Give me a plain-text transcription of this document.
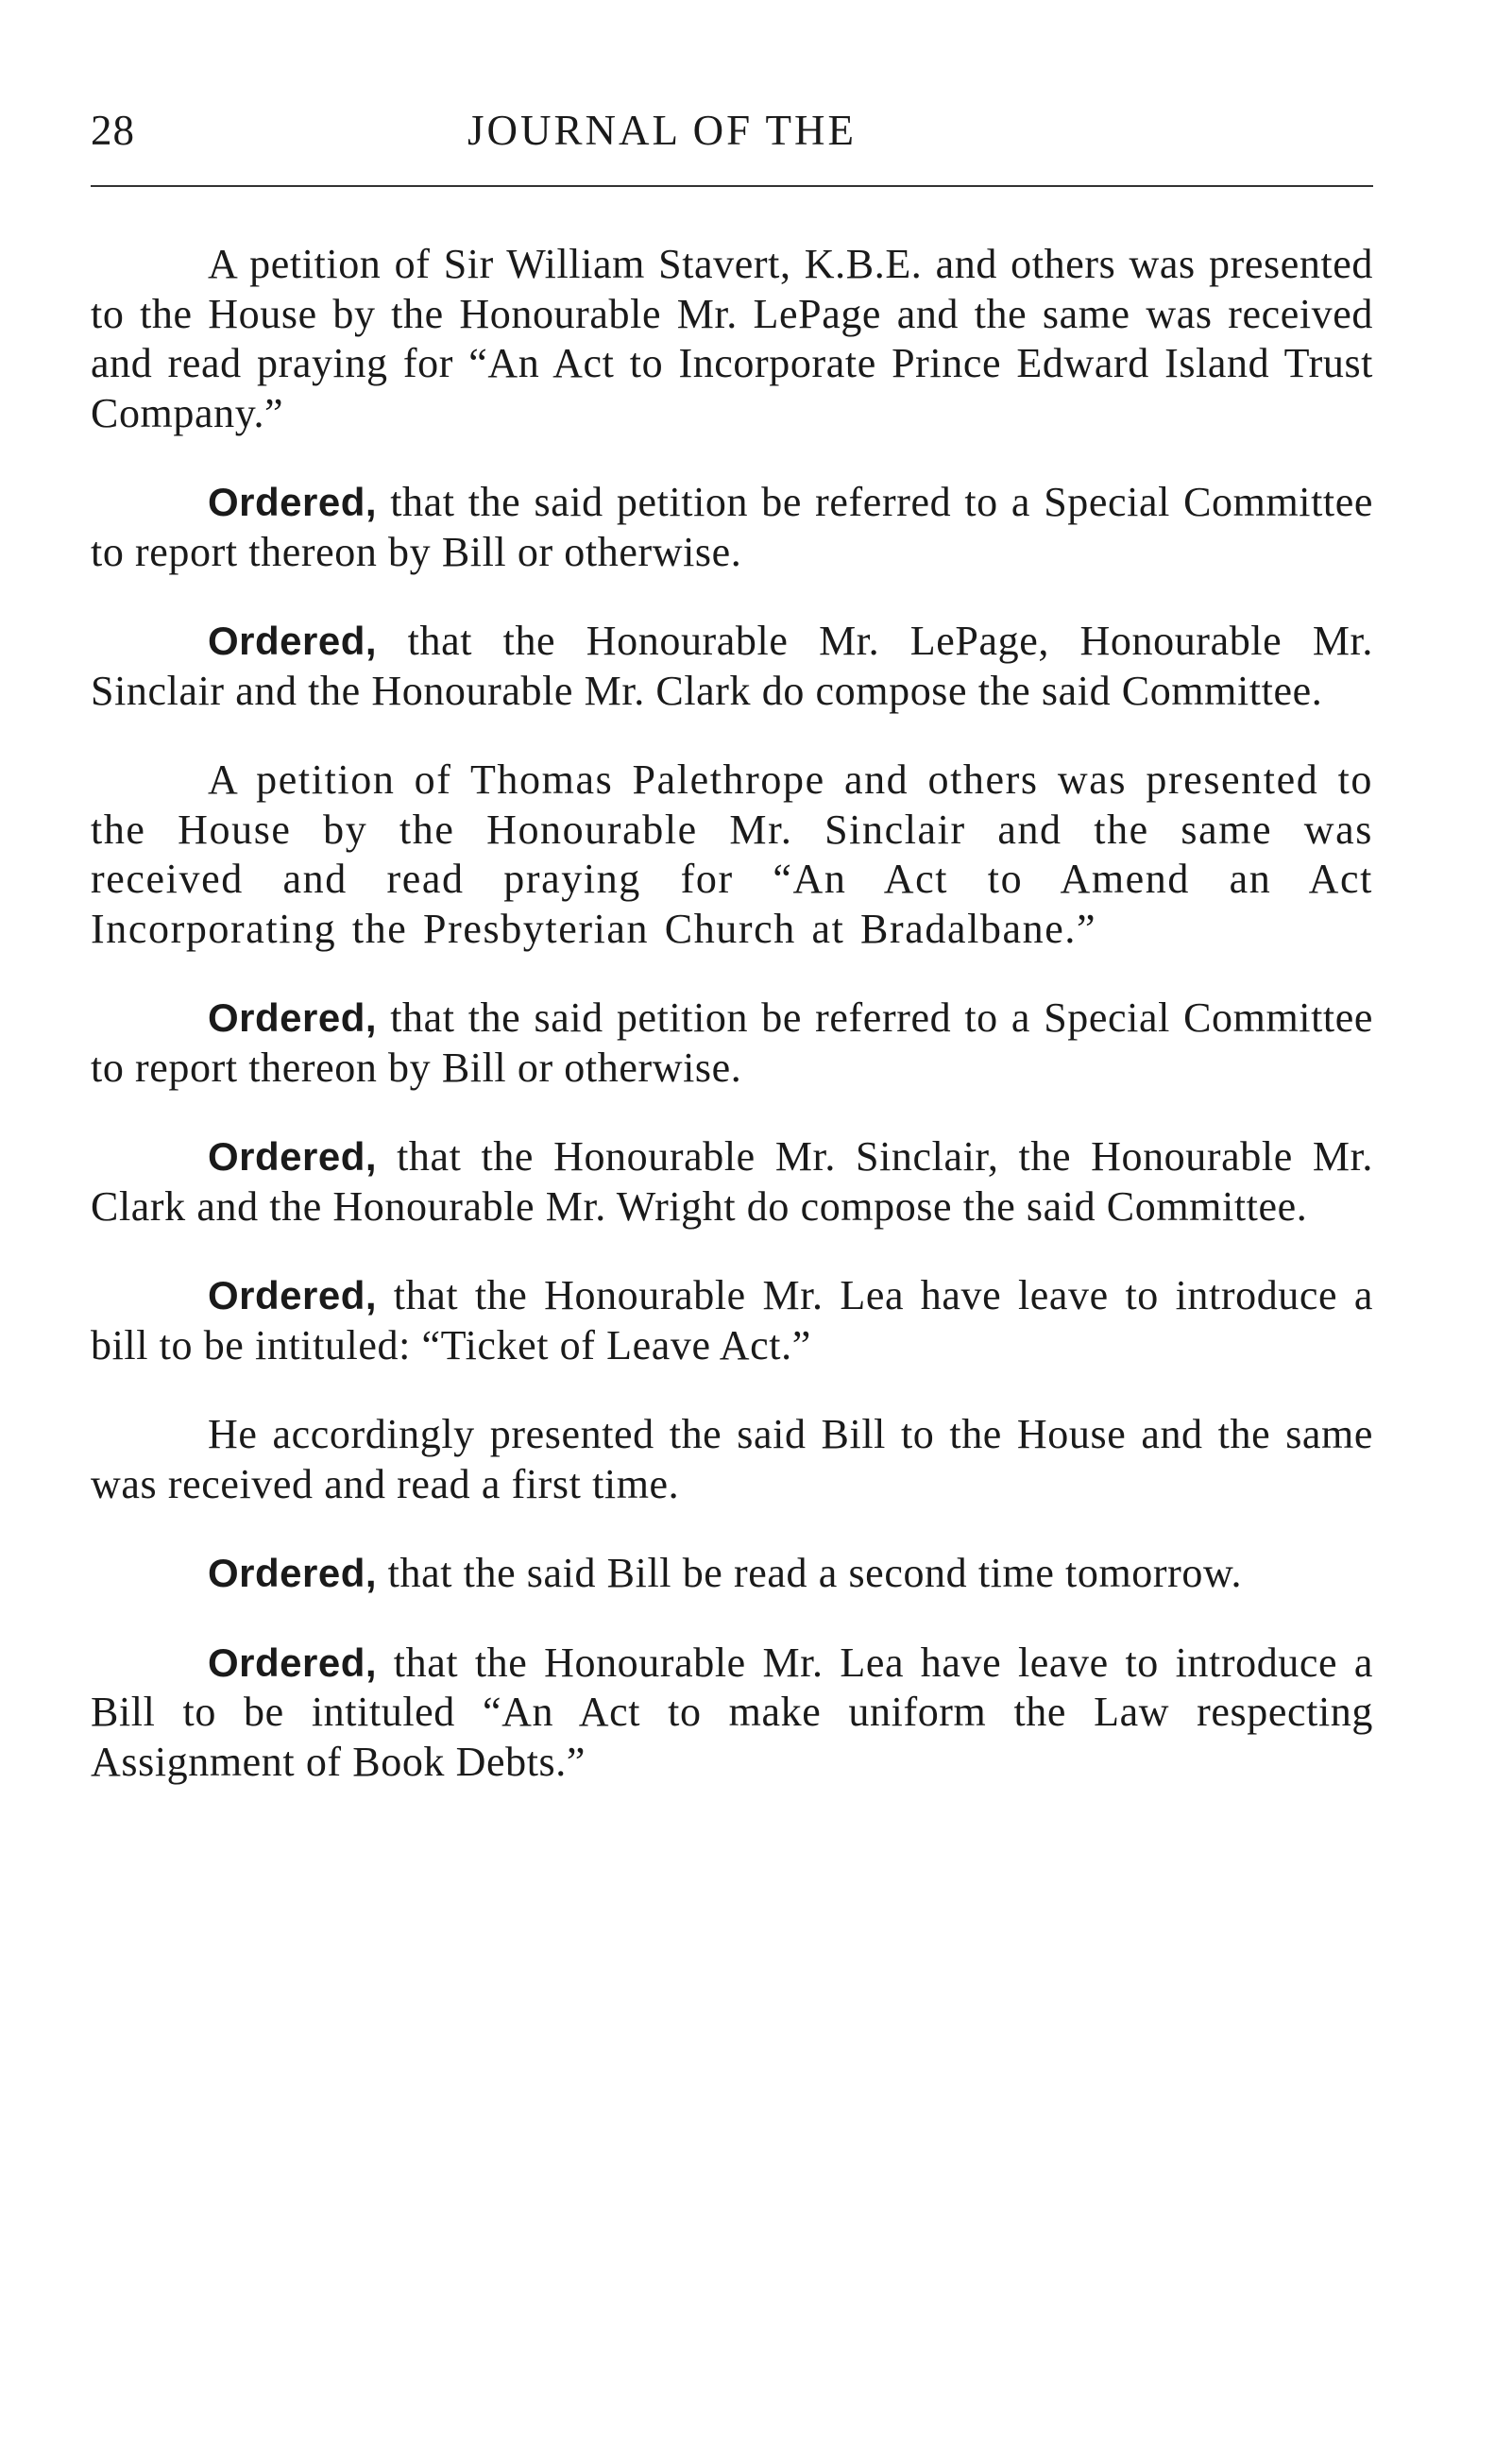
28	JOURNAL OF THE

A petition of Sir William Stavert, K.B.E. and others was presented to the House by the Honourable Mr. LePage and the same was received and read praying for “An Act to Incorporate Prince Edward Island Trust Company.”

Ordered, that the said petition be referred to a Special Committee to report thereon by Bill or otherwise.

Ordered, that the Honourable Mr. LePage, Honourable Mr. Sinclair and the Honourable Mr. Clark do compose the said Committee.

A petition of Thomas Palethrope and others was presented to the House by the Honourable Mr. Sinclair and the same was received and read praying for “An Act to Amend an Act Incorporating the Presbyterian Church at Bradalbane.”

Ordered, that the said petition be referred to a Special Committee to report thereon by Bill or otherwise.

Ordered, that the Honourable Mr. Sinclair, the Honourable Mr. Clark and the Honourable Mr. Wright do compose the said Committee.

Ordered, that the Honourable Mr. Lea have leave to introduce a bill to be intituled: “Ticket of Leave Act.”

He accordingly presented the said Bill to the House and the same was received and read a first time.

Ordered, that the said Bill be read a second time tomorrow.

Ordered, that the Honourable Mr. Lea have leave to introduce a Bill to be intituled “An Act to make uniform the Law respecting Assignment of Book Debts.”
